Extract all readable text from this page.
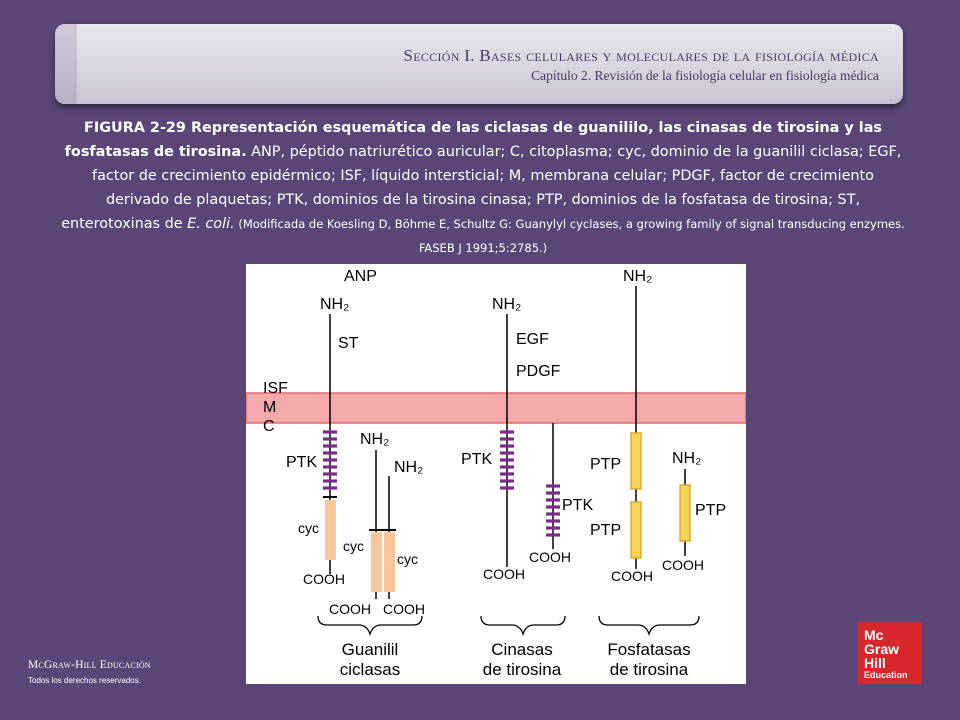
Sección I. Bases celulares y moleculares de la fisiología médica
Capítulo 2. Revisión de la fisiología celular en fisiología médica
FIGURA 2-29 Representación esquemática de las ciclasas de guanililo, las cinasas de tirosina y las fosfatasas de tirosina. ANP, péptido natriurético auricular; C, citoplasma; cyc, dominio de la guanilil ciclasa; EGF, factor de crecimiento epidérmico; ISF, líquido intersticial; M, membrana celular; PDGF, factor de crecimiento derivado de plaquetas; PTK, dominios de la tirosina cinasa; PTP, dominios de la fosfatasa de tirosina; ST, enterotoxinas de E. coli. (Modificada de Koesling D, Böhme E, Schultz G: Guanylyl cyclases, a growing family of signal transducing enzymes. FASEB J 1991;5:2785.)
ISF
M
C
ANP
NH₂
ST
PTK
cyc
COOH
NH₂
NH₂
cyc
cyc
COOH COOH
NH₂
EGF
PDGF
PTK
COOH
PTK
COOH
NH₂
PTP
PTP
COOH
NH₂
PTP
COOH
Guanilil
ciclasas
Cinasas
de tirosina
Fosfatasas
de tirosina
McGraw-Hill Educación
Todos los derechos reservados.
Mc
Graw
Hill
Education
